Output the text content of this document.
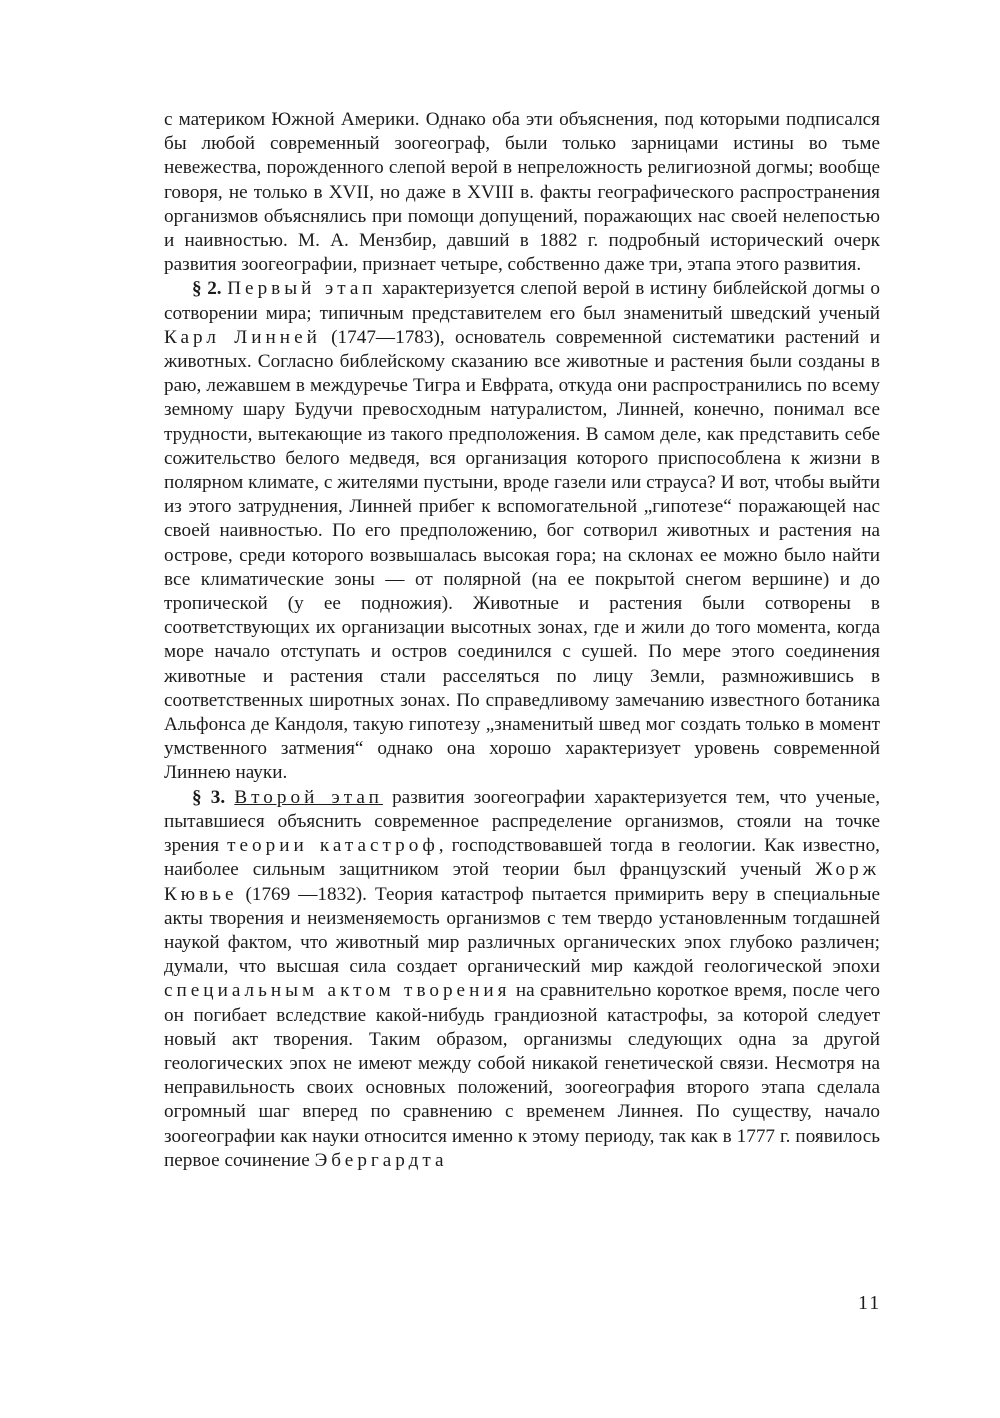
с материком Южной Америки. Однако оба эти объяснения, под которыми подписался бы любой современный зоогеограф, были только зарницами истины во тьме невежества, порожденного слепой верой в непреложность религиозной догмы; вообще говоря, не только в XVII, но даже в XVIII в. факты географического распространения организмов объяснялись при помощи допущений, поражающих нас своей нелепостью и наивностью. М. А. Мензбир, давший в 1882 г. подробный исторический очерк развития зоогеографии, признает четыре, собственно даже три, этапа этого развития.

§ 2. Первый этап характеризуется слепой верой в истину библейской догмы о сотворении мира; типичным представителем его был знаменитый шведский ученый Карл Линней (1747—1783), основатель современной систематики растений и животных. Согласно библейскому сказанию все животные и растения были созданы в раю, лежавшем в междуречье Тигра и Евфрата, откуда они распространились по всему земному шару Будучи превосходным натуралистом, Линней, конечно, понимал все трудности, вытекающие из такого предположения. В самом деле, как представить себе сожительство белого медведя, вся организация которого приспособлена к жизни в полярном климате, с жителями пустыни, вроде газели или страуса? И вот, чтобы выйти из этого затруднения, Линней прибег к вспомогательной „гипотезе“ поражающей нас своей наивностью. По его предположению, бог сотворил животных и растения на острове, среди которого возвышалась высокая гора; на склонах ее можно было найти все климатические зоны — от полярной (на ее покрытой снегом вершине) и до тропической (у ее подножия). Животные и растения были сотворены в соответствующих их организации высотных зонах, где и жили до того момента, когда море начало отступать и остров соединился с сушей. По мере этого соединения животные и растения стали расселяться по лицу Земли, размножившись в соответственных широтных зонах. По справедливому замечанию известного ботаника Альфонса де Кандоля, такую гипотезу „знаменитый швед мог создать только в момент умственного затмения“ однако она хорошо характеризует уровень современной Линнею науки.

§ 3. Второй этап развития зоогеографии характеризуется тем, что ученые, пытавшиеся объяснить современное распределение организмов, стояли на точке зрения теории катастроф, господствовавшей тогда в геологии. Как известно, наиболее сильным защитником этой теории был французский ученый Жорж Кювье (1769 —1832). Теория катастроф пытается примирить веру в специальные акты творения и неизменяемость организмов с тем твердо установленным тогдашней наукой фактом, что животный мир различных органических эпох глубоко различен; думали, что высшая сила создает органический мир каждой геологической эпохи специальным актом творения на сравнительно короткое время, после чего он погибает вследствие какой-нибудь грандиозной катастрофы, за которой следует новый акт творения. Таким образом, организмы следующих одна за другой геологических эпох не имеют между собой никакой генетической связи. Несмотря на неправильность своих основных положений, зоогеография второго этапа сделала огромный шаг вперед по сравнению с временем Линнея. По существу, начало зоогеографии как науки относится именно к этому периоду, так как в 1777 г. появилось первое сочинение Эбергардта

11
